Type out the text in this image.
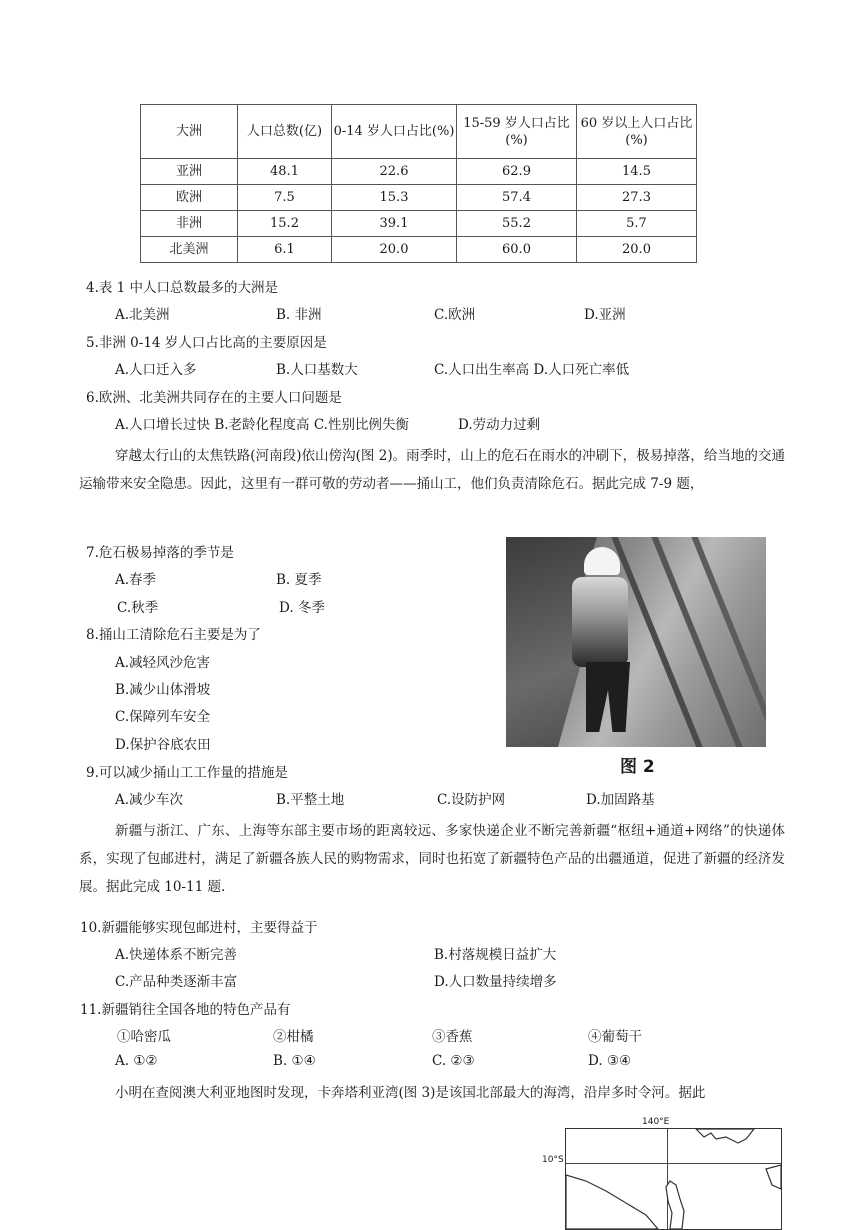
大洲	人口总数(亿)	0-14 岁人口占比(%)	15-59 岁人口占比(%)	60 岁以上人口占比(%)
亚洲	48.1	22.6	62.9	14.5
欧洲	7.5	15.3	57.4	27.3
非洲	15.2	39.1	55.2	5.7
北美洲	6.1	20.0	60.0	20.0
4.表 1 中人口总数最多的大洲是
A.北美洲	B. 非洲	C.欧洲	D.亚洲
5.非洲 0-14 岁人口占比高的主要原因是
A.人口迁入多	B.人口基数大	C.人口出生率高 D.人口死亡率低
6.欧洲、北美洲共同存在的主要人口问题是
A.人口增长过快 B.老龄化程度高 C.性别比例失衡	D.劳动力过剩
穿越太行山的太焦铁路(河南段)依山傍沟(图 2)。雨季时，山上的危石在雨水的冲刷下，极易掉落，给当地的交通运输带来安全隐患。因此，这里有一群可敬的劳动者——捅山工，他们负责清除危石。据此完成 7-9 题，
7.危石极易掉落的季节是
A.春季	B. 夏季
C.秋季	D. 冬季
8.捅山工清除危石主要是为了
A.减轻风沙危害
B.减少山体滑坡
C.保障列车安全
D.保护谷底农田
图 2
9.可以减少捅山工工作量的措施是
A.减少车次	B.平整土地	C.设防护网	D.加固路基
新疆与浙江、广东、上海等东部主要市场的距离较远、多家快递企业不断完善新疆“枢纽+通道+网络”的快递体系，实现了包邮进村，满足了新疆各族人民的购物需求，同时也拓宽了新疆特色产品的出疆通道，促进了新疆的经济发展。据此完成 10-11 题.
10.新疆能够实现包邮进村，主要得益于
A.快递体系不断完善	B.村落规模日益扩大
C.产品种类逐渐丰富	D.人口数量持续增多
11.新疆销往全国各地的特色产品有
①哈密瓜	②柑橘	③香蕉	④葡萄干
A. ①②	B. ①④	C. ②③	D. ③④
小明在查阅澳大利亚地图时发现，卡奔塔利亚湾(图 3)是该国北部最大的海湾，沿岸多时令河。据此
140°E
10°S
